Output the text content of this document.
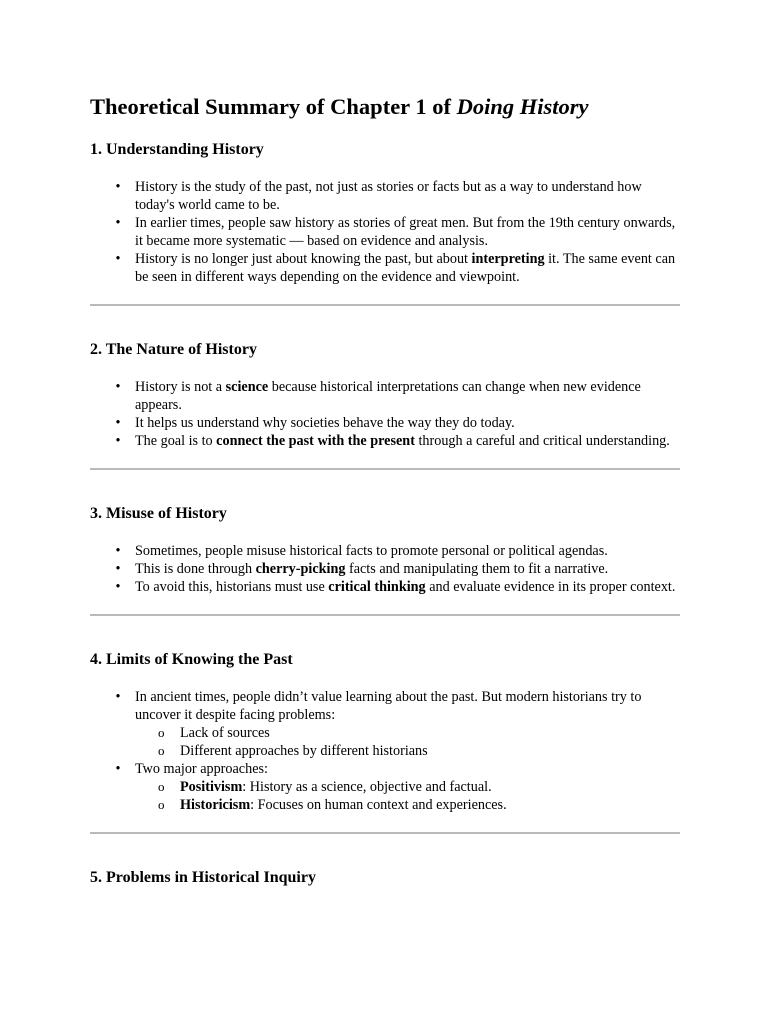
Theoretical Summary of Chapter 1 of Doing History
1. Understanding History
• History is the study of the past, not just as stories or facts but as a way to understand how today's world came to be.
• In earlier times, people saw history as stories of great men. But from the 19th century onwards, it became more systematic — based on evidence and analysis.
• History is no longer just about knowing the past, but about interpreting it. The same event can be seen in different ways depending on the evidence and viewpoint.
2. The Nature of History
• History is not a science because historical interpretations can change when new evidence appears.
• It helps us understand why societies behave the way they do today.
• The goal is to connect the past with the present through a careful and critical understanding.
3. Misuse of History
• Sometimes, people misuse historical facts to promote personal or political agendas.
• This is done through cherry-picking facts and manipulating them to fit a narrative.
• To avoid this, historians must use critical thinking and evaluate evidence in its proper context.
4. Limits of Knowing the Past
• In ancient times, people didn’t value learning about the past. But modern historians try to uncover it despite facing problems:
o Lack of sources
o Different approaches by different historians
• Two major approaches:
o Positivism: History as a science, objective and factual.
o Historicism: Focuses on human context and experiences.
5. Problems in Historical Inquiry
